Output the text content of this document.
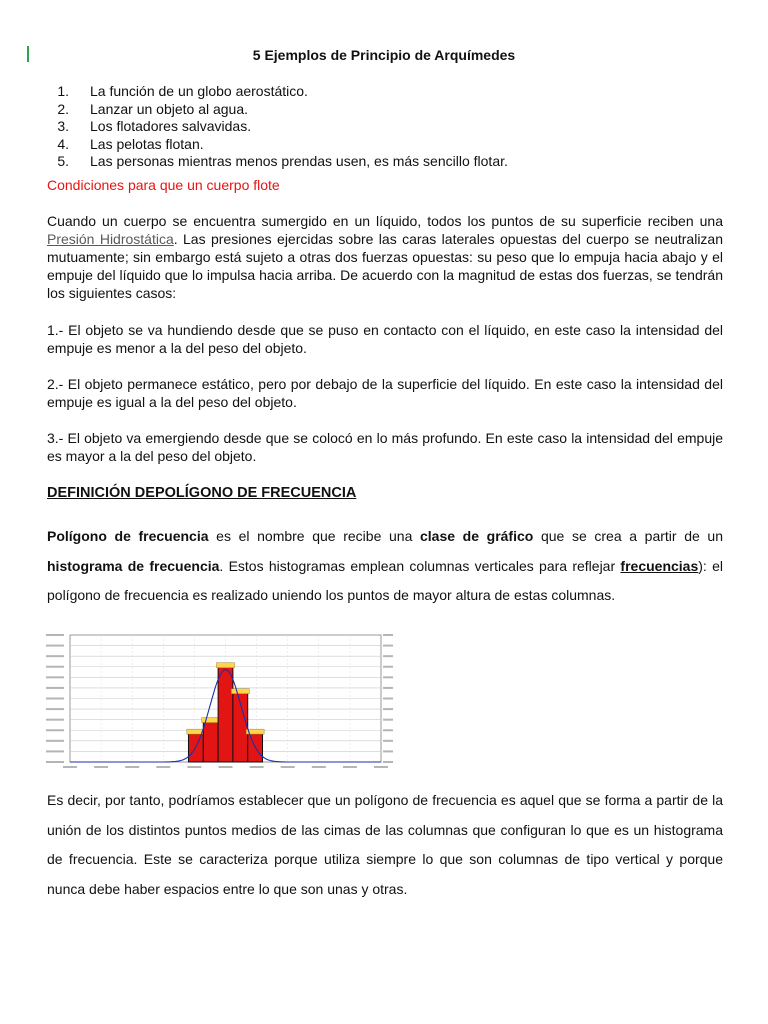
5 Ejemplos de Principio de Arquímedes
1. La función de un globo aerostático.
2. Lanzar un objeto al agua.
3. Los flotadores salvavidas.
4. Las pelotas flotan.
5. Las personas mientras menos prendas usen, es más sencillo flotar.
Condiciones para que un cuerpo flote

Cuando un cuerpo se encuentra sumergido en un líquido, todos los puntos de su superficie reciben una Presión Hidrostática. Las presiones ejercidas sobre las caras laterales opuestas del cuerpo se neutralizan mutuamente; sin embargo está sujeto a otras dos fuerzas opuestas: su peso que lo empuja hacia abajo y el empuje del líquido que lo impulsa hacia arriba. De acuerdo con la magnitud de estas dos fuerzas, se tendrán los siguientes casos:

1.- El objeto se va hundiendo desde que se puso en contacto con el líquido, en este caso la intensidad del empuje es menor a la del peso del objeto.

2.- El objeto permanece estático, pero por debajo de la superficie del líquido. En este caso la intensidad del empuje es igual a la del peso del objeto.

3.- El objeto va emergiendo desde que se colocó en lo más profundo. En este caso la intensidad del empuje es mayor a la del peso del objeto.

DEFINICIÓN DEPOLÍGONO DE FRECUENCIA

Polígono de frecuencia es el nombre que recibe una clase de gráfico que se crea a partir de un histograma de frecuencia. Estos histogramas emplean columnas verticales para reflejar frecuencias): el polígono de frecuencia es realizado uniendo los puntos de mayor altura de estas columnas.

Es decir, por tanto, podríamos establecer que un polígono de frecuencia es aquel que se forma a partir de la unión de los distintos puntos medios de las cimas de las columnas que configuran lo que es un histograma de frecuencia. Este se caracteriza porque utiliza siempre lo que son columnas de tipo vertical y porque nunca debe haber espacios entre lo que son unas y otras.
